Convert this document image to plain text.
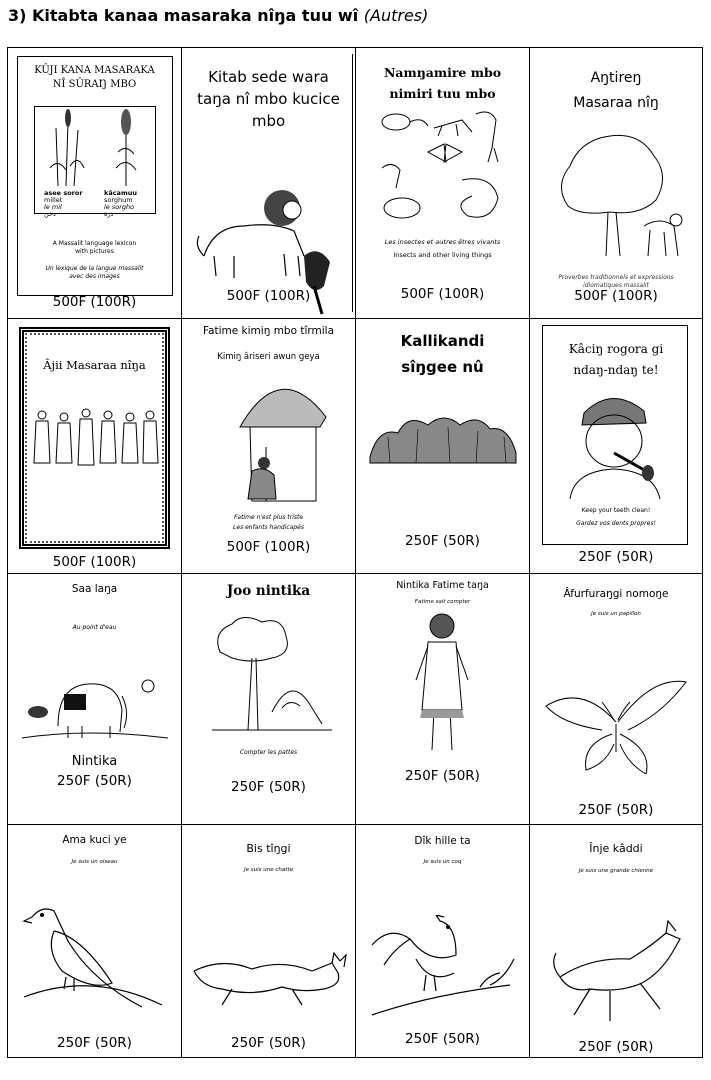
3) Kitabta kanaa masaraka nîŋa tuu wî (Autres)
KÛJI KANA MASARAKA NÎ SÛRAŊ MBO
asee soror
millet
le mil
دخن
kâcamuu
sorghum
le sorgho
ذرة
A Massalit language lexicon with pictures
Un lexique de la langue massalit avec des images
500F (100R)
Kitab sede wara taŋa nî mbo kucice mbo
500F (100R)
Namŋamire mbo nimiri tuu mbo
Les insectes et autres êtres vivants
Insects and other living things
500F (100R)
Aŋtireŋ Masaraa nîŋ
Proverbes traditionnels et expressions idiomatiques massalit
500F (100R)
Âjii Masaraa nîŋa
500F (100R)
Fatime kimiŋ mbo tîrmila
Kimiŋ âriseri awun geya
Fatime n'est plus triste
Les enfants handicapés
500F (100R)
Kallikandi sîŋgee nû
250F (50R)
Kâciŋ rogora gi ndaŋ-ndaŋ te!
Keep your teeth clean!
Gardez vos dents propres!
250F (50R)
Saa laŋa
Au point d'eau
Nintika
250F (50R)
Joo nintika
Compter les pattes
250F (50R)
Nintika Fatime taŋa
Fatime sait compter
250F (50R)
Âfurfuraŋgi nomoŋe
Je suis un papillon
250F (50R)
Ama kuci ye
Je suis un oiseau
250F (50R)
Bis tîŋgi
Je suis une chatte
250F (50R)
Dîk hille ta
Je suis un coq
250F (50R)
Înje kâddi
Je suis une grande chienne
250F (50R)
